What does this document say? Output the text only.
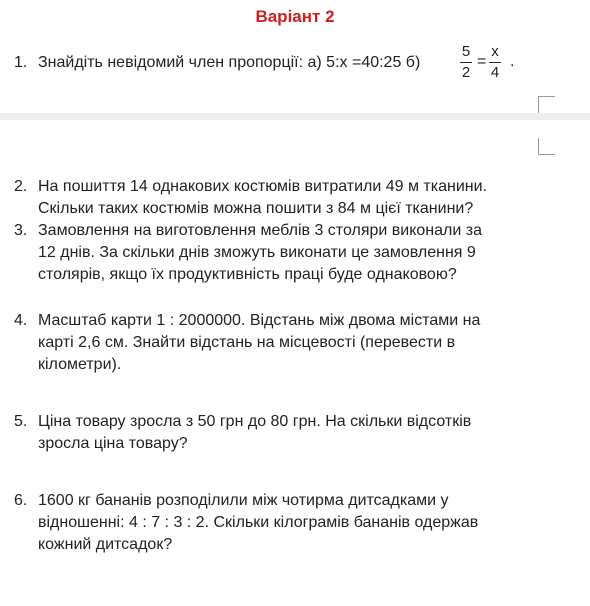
Варіант 2
1. Знайдіть невідомий член пропорції: а) 5:х =40:25 б)
5
2
=
х
4
.
2. На пошиття 14 однакових костюмів витратили 49 м тканини.
Скільки таких костюмів можна пошити з 84 м цієї тканини?
3. Замовлення на виготовлення меблів 3 столяри виконали за
12 днів. За скільки днів зможуть виконати це замовлення 9
столярів, якщо їх продуктивність праці буде однаковою?
4. Масштаб карти 1 : 2000000. Відстань між двома містами на
карті 2,6 см. Знайти відстань на місцевості (перевести в
кілометри).
5. Ціна товару зросла з 50 грн до 80 грн. На скільки відсотків
зросла ціна товару?
6. 1600 кг бананів розподілили між чотирма дитсадками у
відношенні: 4 : 7 : 3 : 2. Скільки кілограмів бананів одержав
кожний дитсадок?
